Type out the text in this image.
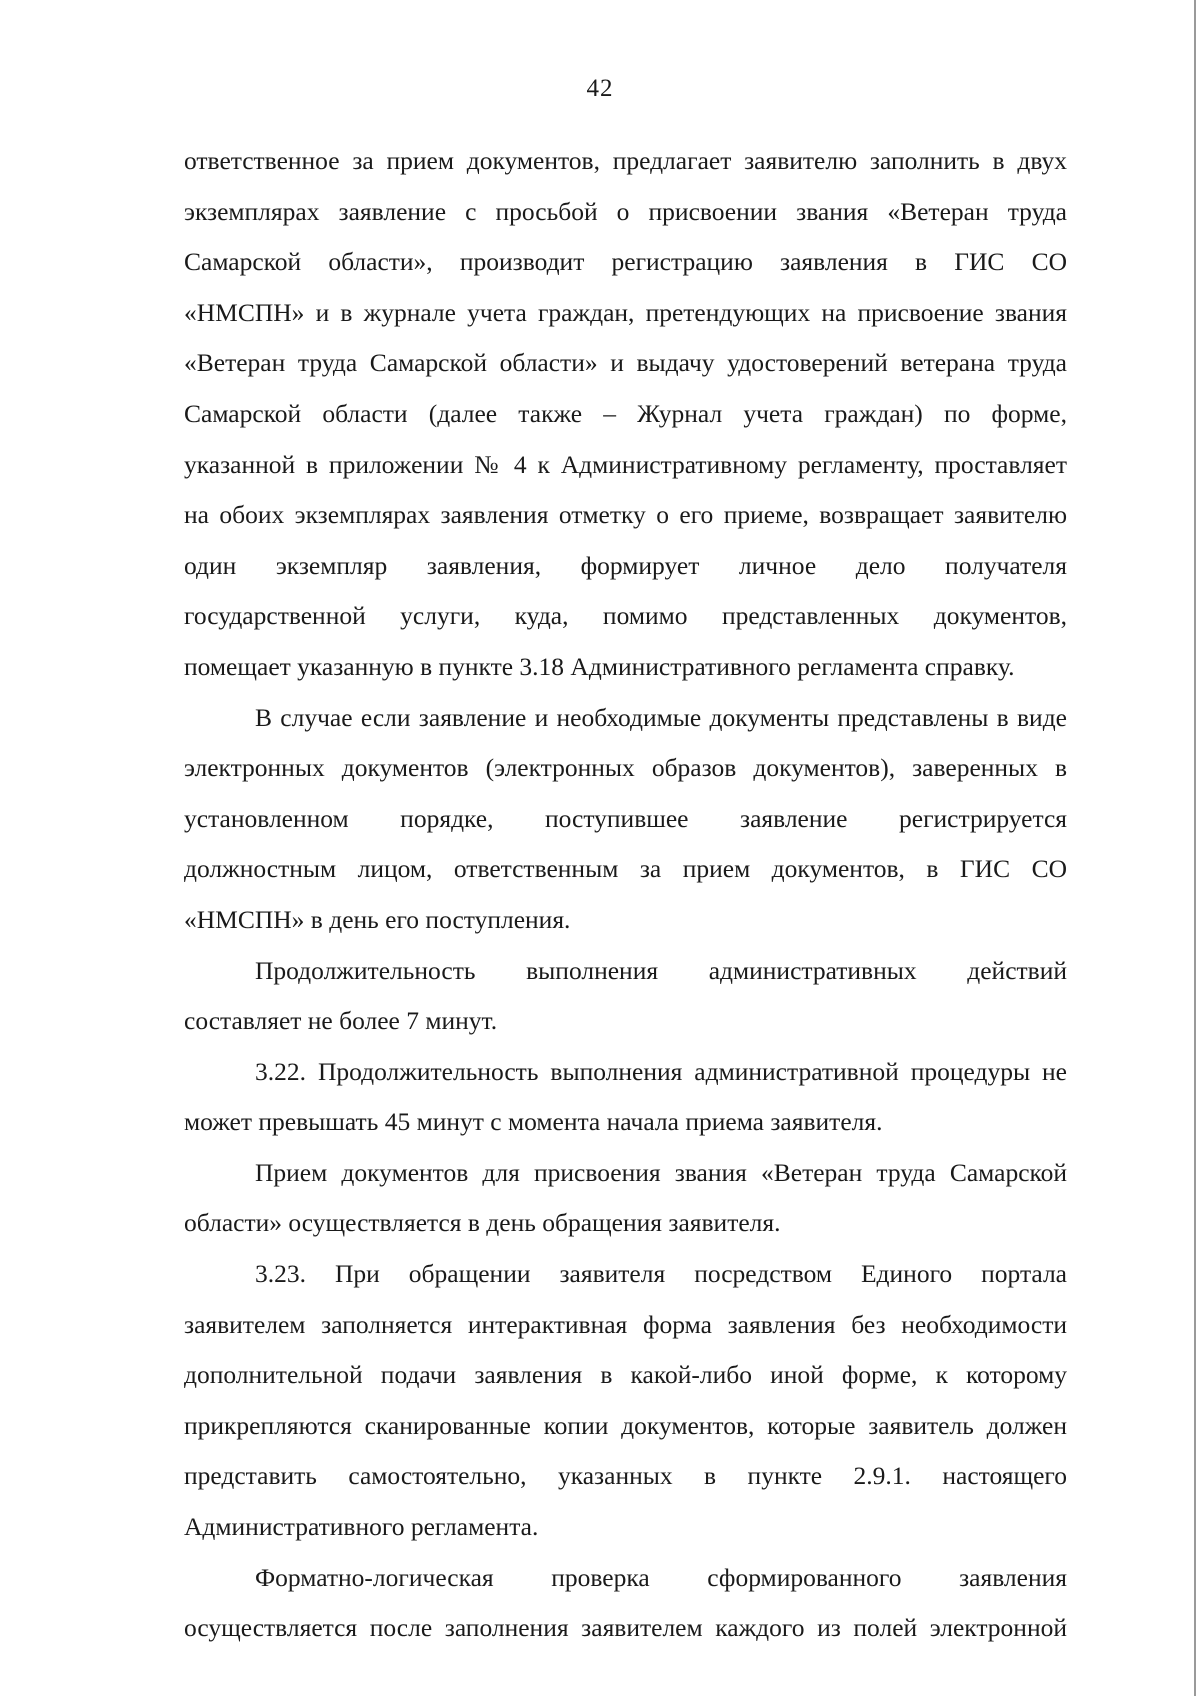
42
ответственное за прием документов, предлагает заявителю заполнить в двух
экземплярах заявление с просьбой о присвоении звания «Ветеран труда
Самарской области», производит регистрацию заявления в ГИС СО
«НМСПН» и в журнале учета граждан, претендующих на присвоение звания
«Ветеран труда Самарской области» и выдачу удостоверений ветерана труда
Самарской области (далее также – Журнал учета граждан) по форме,
указанной в приложении № 4 к Административному регламенту, проставляет
на обоих экземплярах заявления отметку о его приеме, возвращает заявителю
один экземпляр заявления, формирует личное дело получателя
государственной услуги, куда, помимо представленных документов,
помещает указанную в пункте 3.18 Административного регламента справку.
В случае если заявление и необходимые документы представлены в виде
электронных документов (электронных образов документов), заверенных в
установленном порядке, поступившее заявление регистрируется
должностным лицом, ответственным за прием документов, в ГИС СО
«НМСПН» в день его поступления.
Продолжительность выполнения административных действий
составляет не более 7 минут.
3.22. Продолжительность выполнения административной процедуры не
может превышать 45 минут с момента начала приема заявителя.
Прием документов для присвоения звания «Ветеран труда Самарской
области» осуществляется в день обращения заявителя.
3.23. При обращении заявителя посредством Единого портала
заявителем заполняется интерактивная форма заявления без необходимости
дополнительной подачи заявления в какой-либо иной форме, к которому
прикрепляются сканированные копии документов, которые заявитель должен
представить самостоятельно, указанных в пункте 2.9.1. настоящего
Административного регламента.
Форматно-логическая проверка сформированного заявления
осуществляется после заполнения заявителем каждого из полей электронной
